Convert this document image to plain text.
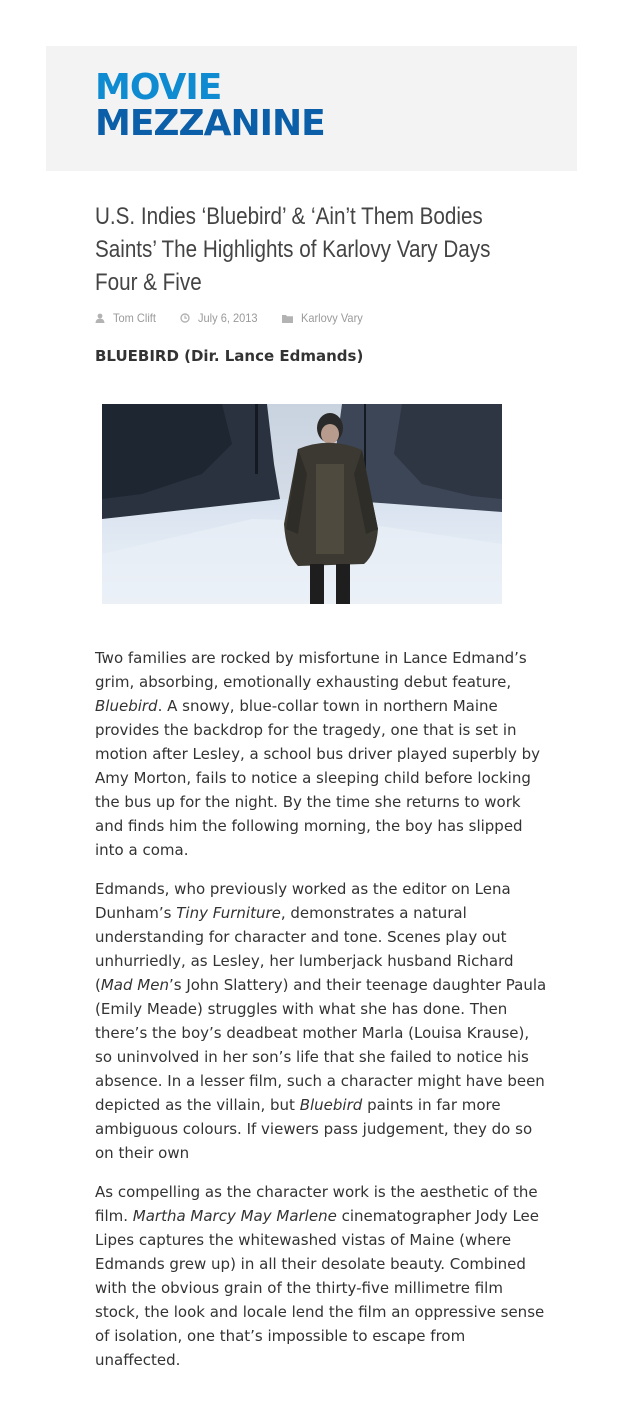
MOVIE
MEZZANINE
U.S. Indies ‘Bluebird’ & ‘Ain’t Them Bodies Saints’ The Highlights of Karlovy Vary Days Four & Five
Tom Clift	July 6, 2013	Karlovy Vary
BLUEBIRD (Dir. Lance Edmands)

Two families are rocked by misfortune in Lance Edmand’s grim, absorbing, emotionally exhausting debut feature, Bluebird. A snowy, blue-collar town in northern Maine provides the backdrop for the tragedy, one that is set in motion after Lesley, a school bus driver played superbly by Amy Morton, fails to notice a sleeping child before locking the bus up for the night. By the time she returns to work and finds him the following morning, the boy has slipped into a coma.

Edmands, who previously worked as the editor on Lena Dunham’s Tiny Furniture, demonstrates a natural understanding for character and tone. Scenes play out unhurriedly, as Lesley, her lumberjack husband Richard (Mad Men’s John Slattery) and their teenage daughter Paula (Emily Meade) struggles with what she has done. Then there’s the boy’s deadbeat mother Marla (Louisa Krause), so uninvolved in her son’s life that she failed to notice his absence. In a lesser film, such a character might have been depicted as the villain, but Bluebird paints in far more ambiguous colours. If viewers pass judgement, they do so on their own

As compelling as the character work is the aesthetic of the film. Martha Marcy May Marlene cinematographer Jody Lee Lipes captures the whitewashed vistas of Maine (where Edmands grew up) in all their desolate beauty. Combined with the obvious grain of the thirty-five millimetre film stock, the look and locale lend the film an oppressive sense of isolation, one that’s impossible to escape from unaffected.
